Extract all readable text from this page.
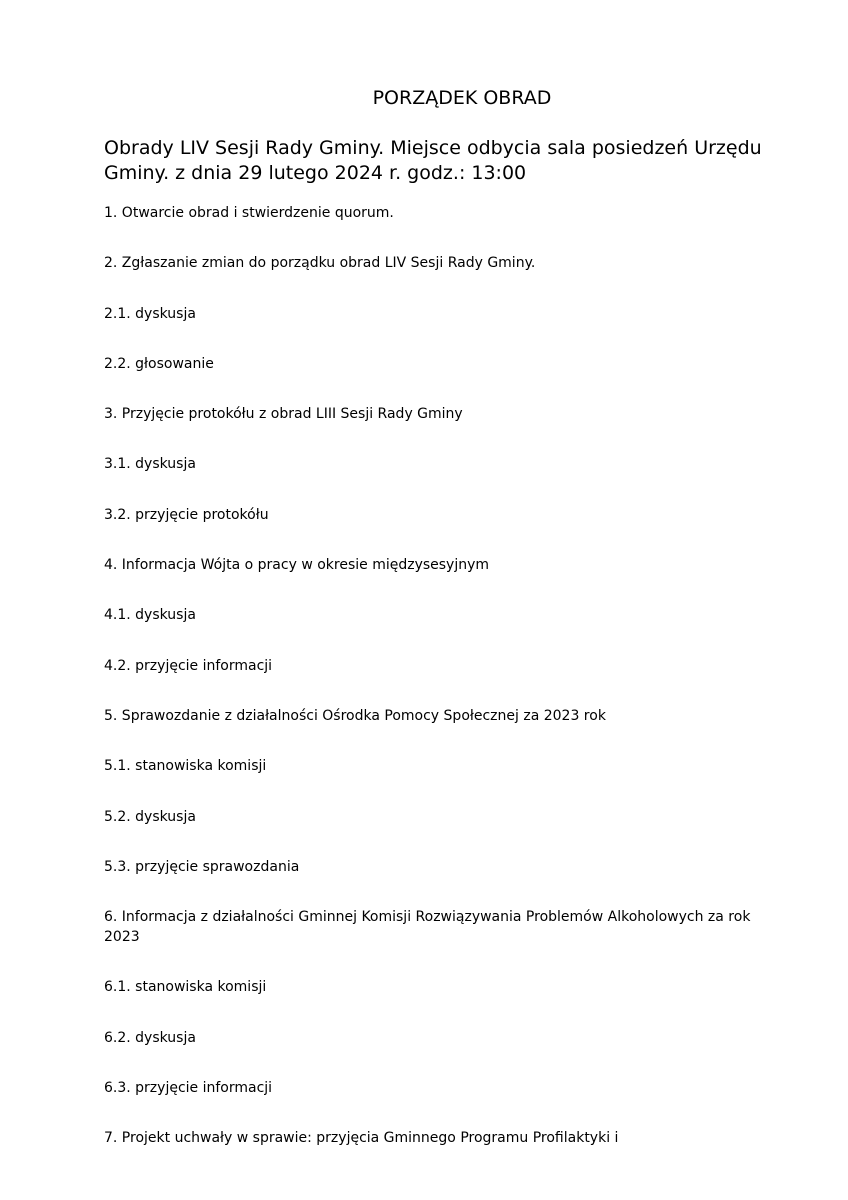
PORZĄDEK OBRAD
Obrady LIV Sesji Rady Gminy. Miejsce odbycia sala posiedzeń Urzędu Gminy. z dnia 29 lutego 2024 r. godz.: 13:00
1. Otwarcie obrad i stwierdzenie quorum.
2. Zgłaszanie zmian do porządku obrad LIV Sesji Rady Gminy.
2.1. dyskusja
2.2. głosowanie
3. Przyjęcie protokółu z obrad LIII Sesji Rady Gminy
3.1. dyskusja
3.2. przyjęcie protokółu
4. Informacja Wójta o pracy w okresie międzysesyjnym
4.1. dyskusja
4.2. przyjęcie informacji
5. Sprawozdanie z działalności Ośrodka Pomocy Społecznej za 2023 rok
5.1. stanowiska komisji
5.2. dyskusja
5.3. przyjęcie sprawozdania
6. Informacja z działalności Gminnej Komisji Rozwiązywania Problemów Alkoholowych za rok 2023
6.1. stanowiska komisji
6.2. dyskusja
6.3. przyjęcie informacji
7. Projekt uchwały w sprawie: przyjęcia Gminnego Programu Profilaktyki i
